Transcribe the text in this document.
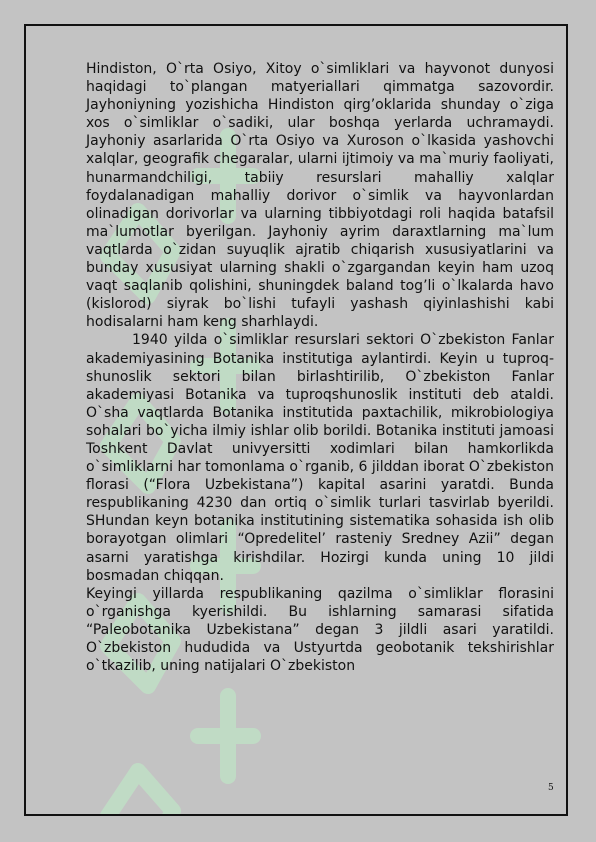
Hindiston, O`rta Osiyo, Xitoy o`simliklari va hayvonot dunyosi haqidagi to`plangan matyeriallari qimmatga sazovordir. Jayhoniyning yozishicha Hindiston qirg’oklarida shunday o`ziga xos o`simliklar o`sadiki, ular boshqa yerlarda uchramaydi. Jayhoniy asarlarida O`rta Osiyo va Xuroson o`lkasida yashovchi xalqlar, geografik chegaralar, ularni ijtimoiy va ma`muriy faoliyati, hunarmandchiligi, tabiiy resurslari mahalliy xalqlar foydalanadigan mahalliy dorivor o`simlik va hayvonlardan olinadigan dorivorlar va ularning tibbiyotdagi roli haqida batafsil ma`lumotlar byerilgan. Jayhoniy ayrim daraxtlarning ma`lum vaqtlarda o`zidan suyuqlik ajratib chiqarish xususiyatlarini va bunday xususiyat ularning shakli o`zgargandan keyin ham uzoq vaqt saqlanib qolishini, shuningdek baland tog’li o`lkalarda havo (kislorod) siyrak bo`lishi tufayli yashash qiyinlashishi kabi hodisalarni ham keng sharhlaydi.

1940 yilda o`simliklar resurslari sektori O`zbekiston Fanlar akademiyasining Botanika institutiga aylantirdi. Keyin u tuproq-shunoslik sektori bilan birlashtirilib, O`zbekiston Fanlar akademiyasi Botanika va tuproqshunoslik instituti deb ataldi. O`sha vaqtlarda Botanika institutida paxtachilik, mikrobiologiya sohalari bo`yicha ilmiy ishlar olib borildi. Botanika instituti jamoasi Toshkent Davlat univyersitti xodimlari bilan hamkorlikda o`simliklarni har tomonlama o`rganib, 6 jilddan iborat O`zbekiston florasi (“Flora Uzbekistana”) kapital asarini yaratdi. Bunda respublikaning 4230 dan ortiq o`simlik turlari tasvirlab byerildi. SHundan keyn botanika institutining sistematika sohasida ish olib borayotgan olimlari “Opredelitel’ rasteniy Sredney Azii” degan asarni yaratishga kirishdilar. Hozirgi kunda uning 10 jildi bosmadan chiqqan.

Keyingi yillarda respublikaning qazilma o`simliklar florasini o`rganishga kyerishildi. Bu ishlarning samarasi sifatida “Paleobotanika Uzbekistana” degan 3 jildli asari yaratildi. O`zbekiston hududida va Ustyurtda geobotanik tekshirishlar o`tkazilib, uning natijalari O`zbekiston

5
